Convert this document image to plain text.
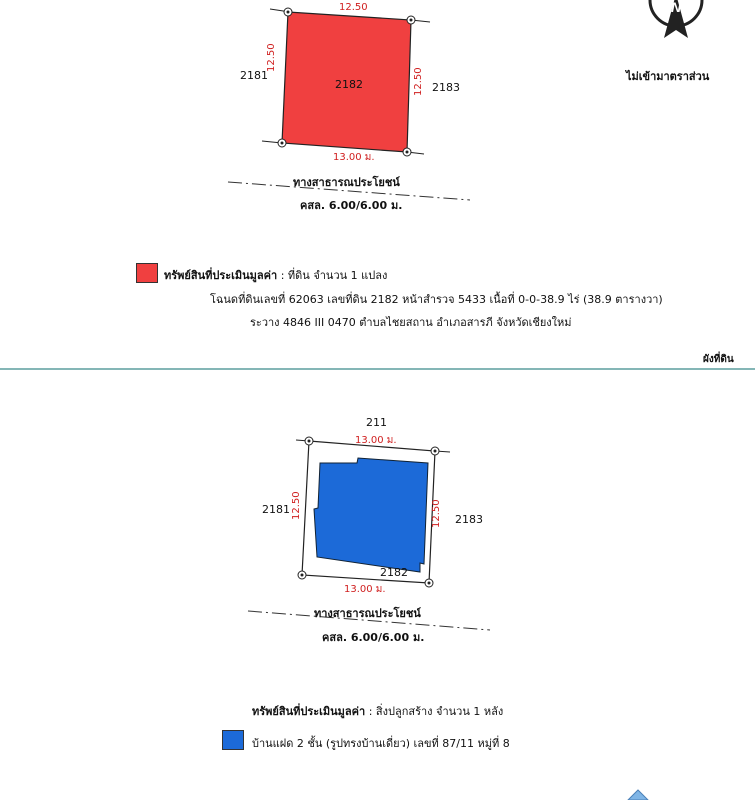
N
12.50
2182
2181
2183
12.50
12.50
13.00 ม.
ทางสาธารณประโยชน์
คสล. 6.00/6.00 ม.
ไม่เข้ามาตราส่วน
ทรัพย์สินที่ประเมินมูลค่า : ที่ดิน จำนวน 1 แปลง
โฉนดที่ดินเลขที่ 62063 เลขที่ดิน 2182 หน้าสำรวจ 5433 เนื้อที่ 0-0-38.9 ไร่ (38.9 ตารางวา)
ระวาง 4846 III 0470 ตำบลไชยสถาน อำเภอสารภี จังหวัดเชียงใหม่
ผังที่ดิน
211
13.00 ม.
2181
2183
12.50	12.50
2182
13.00 ม.
ทางสาธารณประโยชน์
คสล. 6.00/6.00 ม.
ทรัพย์สินที่ประเมินมูลค่า : สิ่งปลูกสร้าง จำนวน 1 หลัง
บ้านแฝด 2 ชั้น (รูปทรงบ้านเดี่ยว) เลขที่ 87/11 หมู่ที่ 8
